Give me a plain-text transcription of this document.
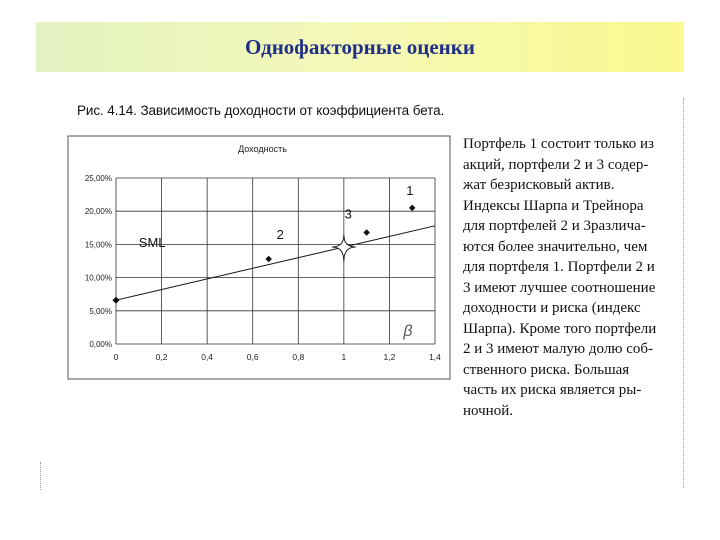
Однофакторные оценки
Рис. 4.14. Зависимость доходности от коэффициента бета.
Доходность
0	0,2	0,4	0,6	0,8	1	1,2	1,4
0,00%
5,00%
10,00%
15,00%
20,00%
25,00%
SML
1
2
3
β
Портфель 1 состоит только из
акций, портфели 2 и 3 содер-
жат безрисковый актив.
Индексы Шарпа и Трейнора
для портфелей 2 и 3различа-
ются более значительно, чем
для портфеля 1. Портфели 2 и
3 имеют лучшее соотношение
доходности и риска (индекс
Шарпа). Кроме того портфели
2 и 3 имеют малую долю соб-
ственного риска. Большая
часть их риска является ры-
ночной.
